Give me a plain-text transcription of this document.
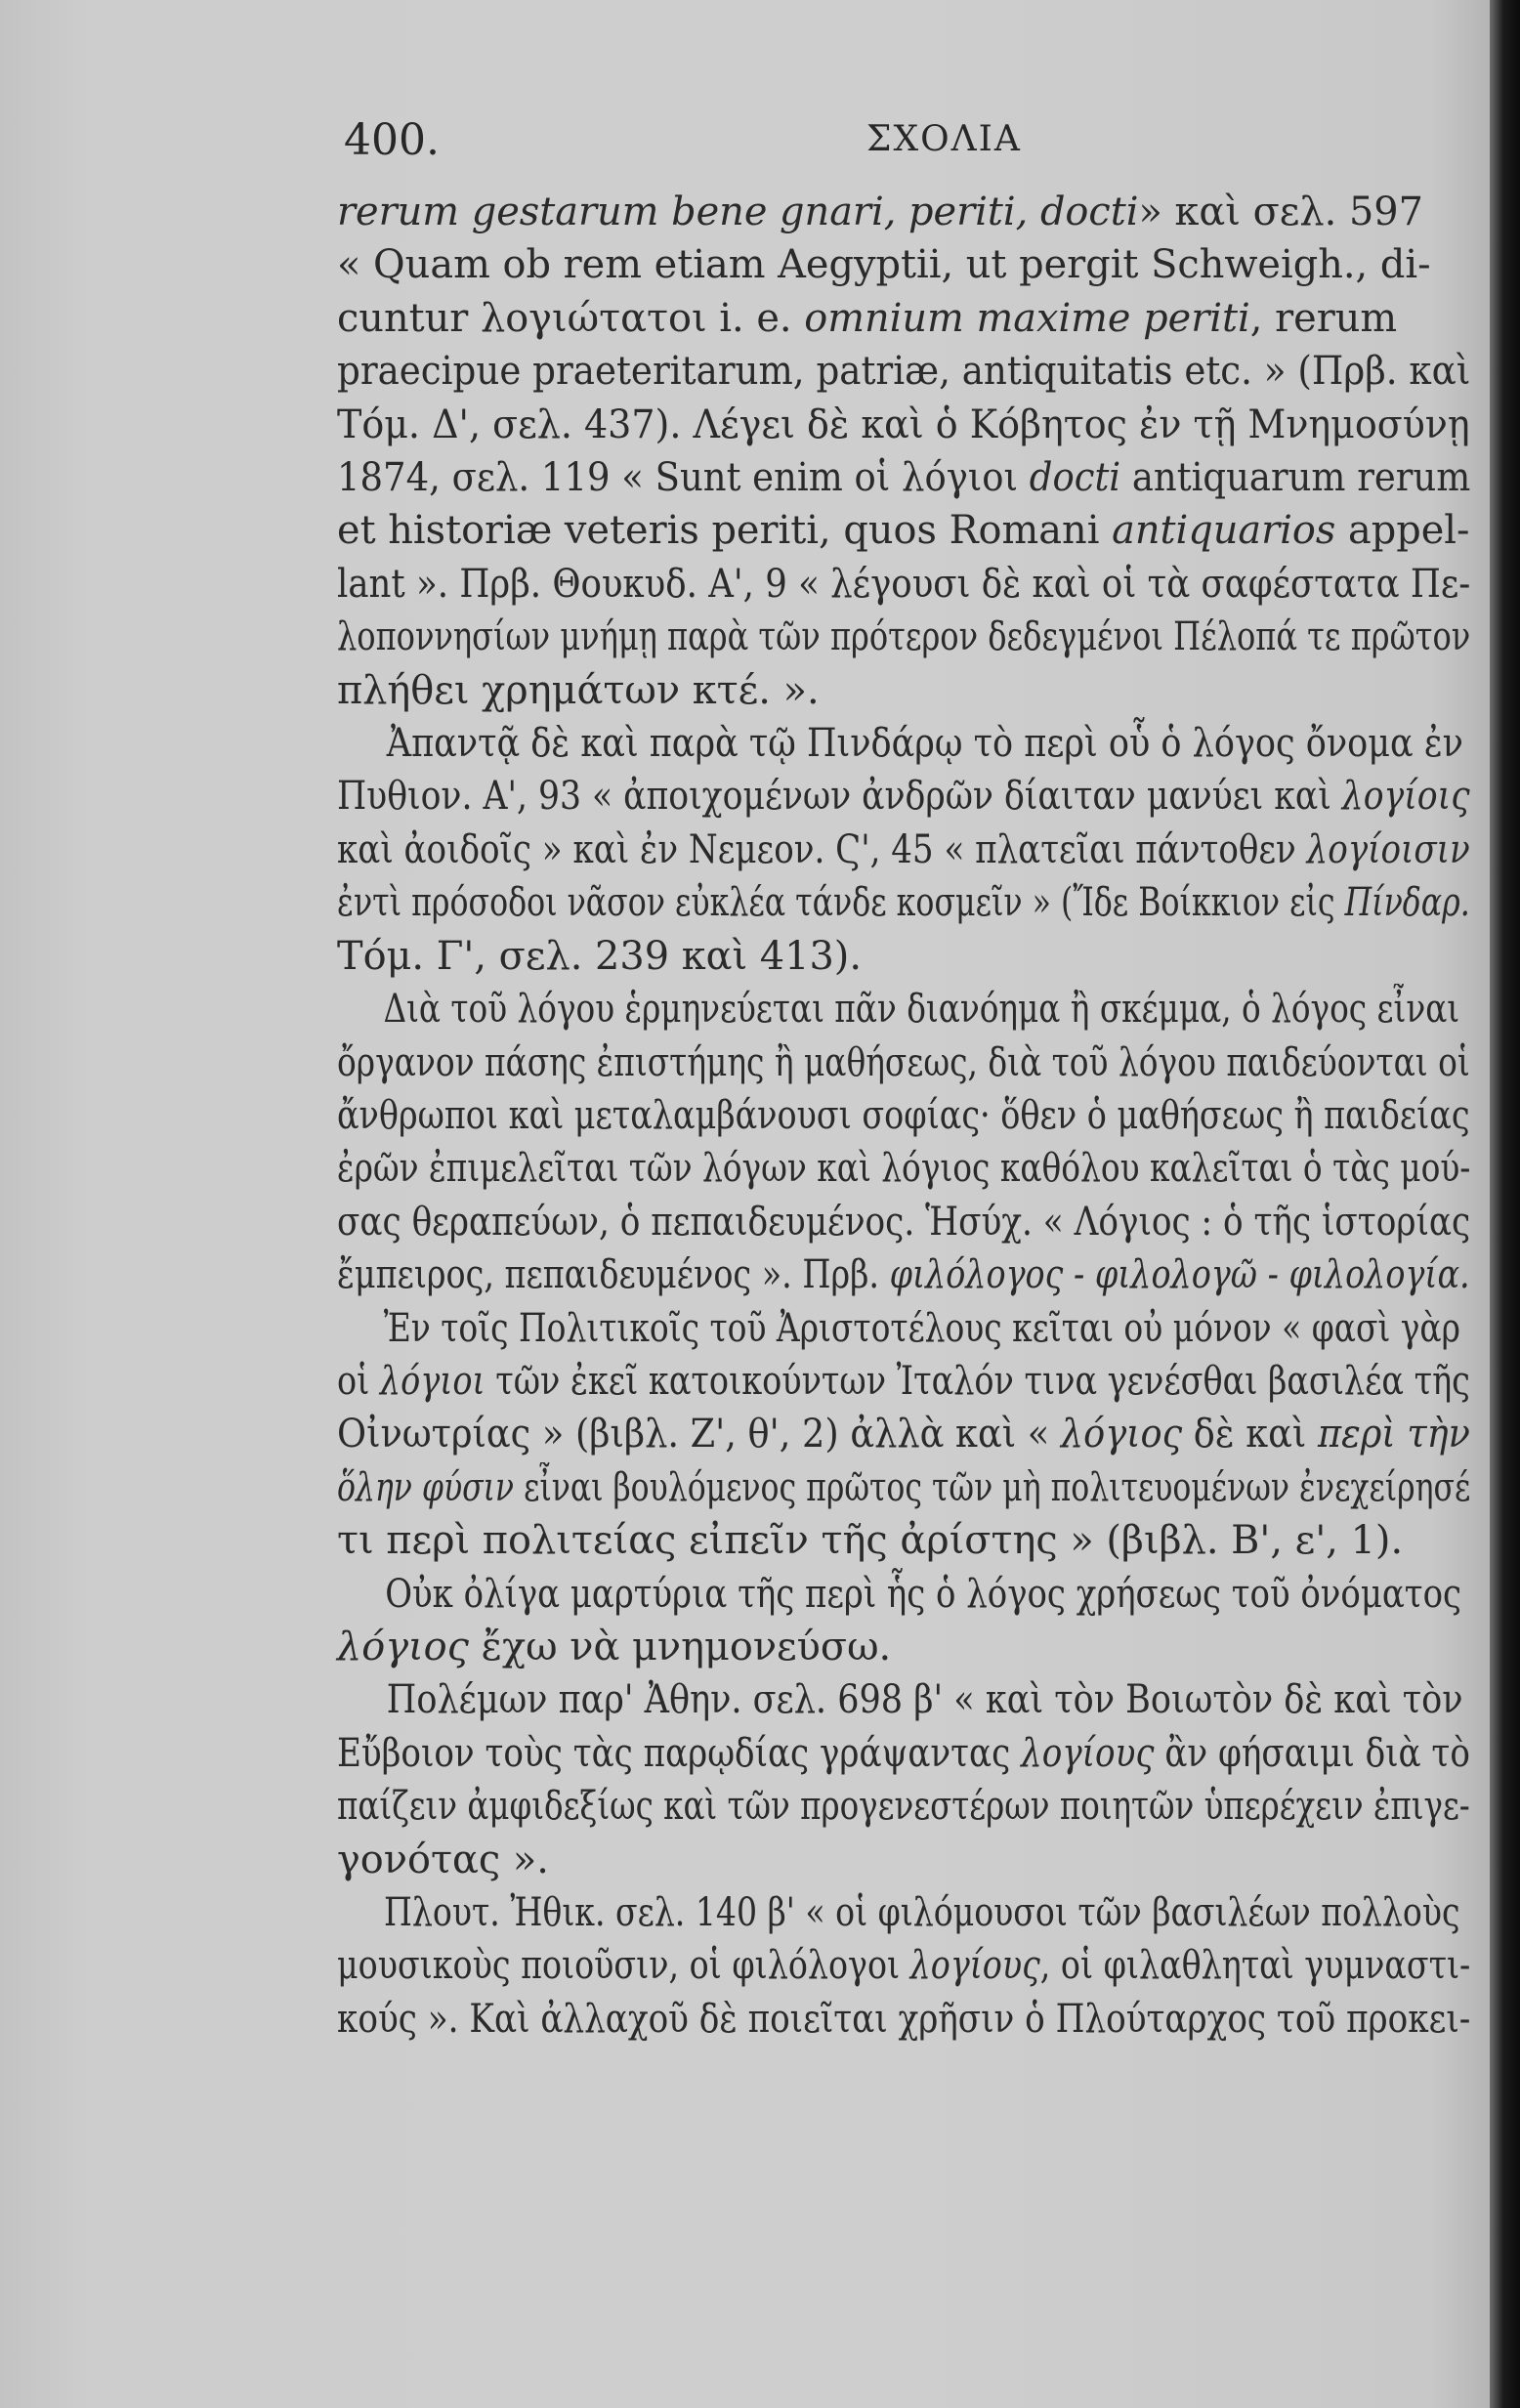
400.	ΣΧΟΛΙΑ
rerum gestarum bene gnari, periti, docti» καὶ σελ. 597
« Quam ob rem etiam Aegyptii, ut pergit Schweigh., di-
cuntur λογιώτατοι i. e. omnium maxime periti, rerum
praecipue praeteritarum, patriæ, antiquitatis etc. » (Πρβ. καὶ
Τόμ. Δ', σελ. 437). Λέγει δὲ καὶ ὁ Κόβητος ἐν τῇ Μνημοσύνῃ
1874, σελ. 119 « Sunt enim οἱ λόγιοι docti antiquarum rerum
et historiæ veteris periti, quos Romani antiquarios appel-
lant ». Πρβ. Θουκυδ. Α', 9 « λέγουσι δὲ καὶ οἱ τὰ σαφέστατα Πε-
λοποννησίων μνήμῃ παρὰ τῶν πρότερον δεδεγμένοι Πέλοπά τε πρῶτον
πλήθει χρημάτων κτέ. ».
Ἀπαντᾷ δὲ καὶ παρὰ τῷ Πινδάρῳ τὸ περὶ οὗ ὁ λόγος ὄνομα ἐν
Πυθιον. Α', 93 « ἀποιχομένων ἀνδρῶν δίαιταν μανύει καὶ λογίοις
καὶ ἀοιδοῖς » καὶ ἐν Νεμεον. Ϛ', 45 « πλατεῖαι πάντοθεν λογίοισιν
ἐντὶ πρόσοδοι νᾶσον εὐκλέα τάνδε κοσμεῖν » (Ἴδε Βοίκκιον εἰς Πίνδαρ.
Τόμ. Γ', σελ. 239 καὶ 413).
Διὰ τοῦ λόγου ἑρμηνεύεται πᾶν διανόημα ἢ σκέμμα, ὁ λόγος εἶναι
ὄργανον πάσης ἐπιστήμης ἢ μαθήσεως, διὰ τοῦ λόγου παιδεύονται οἱ
ἄνθρωποι καὶ μεταλαμβάνουσι σοφίας· ὅθεν ὁ μαθήσεως ἢ παιδείας
ἐρῶν ἐπιμελεῖται τῶν λόγων καὶ λόγιος καθόλου καλεῖται ὁ τὰς μού-
σας θεραπεύων, ὁ πεπαιδευμένος. Ἡσύχ. « Λόγιος : ὁ τῆς ἱστορίας
ἔμπειρος, πεπαιδευμένος ». Πρβ. φιλόλογος - φιλολογῶ - φιλολογία.
Ἐν τοῖς Πολιτικοῖς τοῦ Ἀριστοτέλους κεῖται οὐ μόνον « φασὶ γὰρ
οἱ λόγιοι τῶν ἐκεῖ κατοικούντων Ἰταλόν τινα γενέσθαι βασιλέα τῆς
Οἰνωτρίας » (βιβλ. Ζ', θ', 2) ἀλλὰ καὶ « λόγιος δὲ καὶ περὶ τὴν
ὅλην φύσιν εἶναι βουλόμενος πρῶτος τῶν μὴ πολιτευομένων ἐνεχείρησέ
τι περὶ πολιτείας εἰπεῖν τῆς ἀρίστης » (βιβλ. Β', ε', 1).
Οὐκ ὀλίγα μαρτύρια τῆς περὶ ἧς ὁ λόγος χρήσεως τοῦ ὀνόματος
λόγιος ἔχω νὰ μνημονεύσω.
Πολέμων παρ' Ἀθην. σελ. 698 β' « καὶ τὸν Βοιωτὸν δὲ καὶ τὸν
Εὔβοιον τοὺς τὰς παρῳδίας γράψαντας λογίους ἂν φήσαιμι διὰ τὸ
παίζειν ἀμφιδεξίως καὶ τῶν προγενεστέρων ποιητῶν ὑπερέχειν ἐπιγε-
γονότας ».
Πλουτ. Ἠθικ. σελ. 140 β' « οἱ φιλόμουσοι τῶν βασιλέων πολλοὺς
μουσικοὺς ποιοῦσιν, οἱ φιλόλογοι λογίους, οἱ φιλαθληταὶ γυμναστι-
κούς ». Καὶ ἀλλαχοῦ δὲ ποιεῖται χρῆσιν ὁ Πλούταρχος τοῦ προκει-
